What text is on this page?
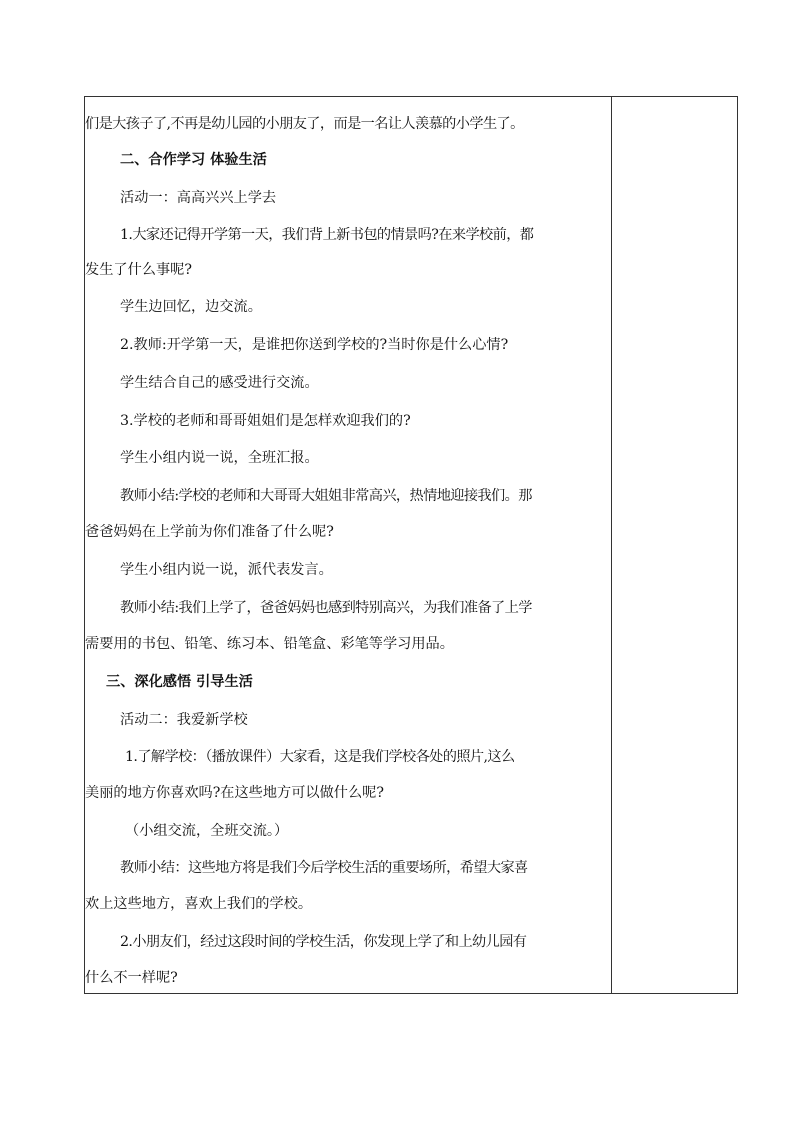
们是大孩子了,不再是幼儿园的小朋友了，而是一名让人羡慕的小学生了。
二、合作学习 体验生活
活动一：高高兴兴上学去
1.大家还记得开学第一天，我们背上新书包的情景吗?在来学校前，都
发生了什么事呢?
学生边回忆，边交流。
2.教师:开学第一天，是谁把你送到学校的?当时你是什么心情?
学生结合自己的感受进行交流。
3.学校的老师和哥哥姐姐们是怎样欢迎我们的?
学生小组内说一说，全班汇报。
教师小结:学校的老师和大哥哥大姐姐非常高兴，热情地迎接我们。那
爸爸妈妈在上学前为你们准备了什么呢?
学生小组内说一说，派代表发言。
教师小结:我们上学了，爸爸妈妈也感到特别高兴，为我们准备了上学
需要用的书包、铅笔、练习本、铅笔盒、彩笔等学习用品。
三、深化感悟 引导生活
活动二：我爱新学校
1.了解学校：（播放课件）大家看，这是我们学校各处的照片,这么
美丽的地方你喜欢吗?在这些地方可以做什么呢?
（小组交流，全班交流。）
教师小结：这些地方将是我们今后学校生活的重要场所，希望大家喜
欢上这些地方，喜欢上我们的学校。
2.小朋友们，经过这段时间的学校生活，你发现上学了和上幼儿园有
什么不一样呢?
